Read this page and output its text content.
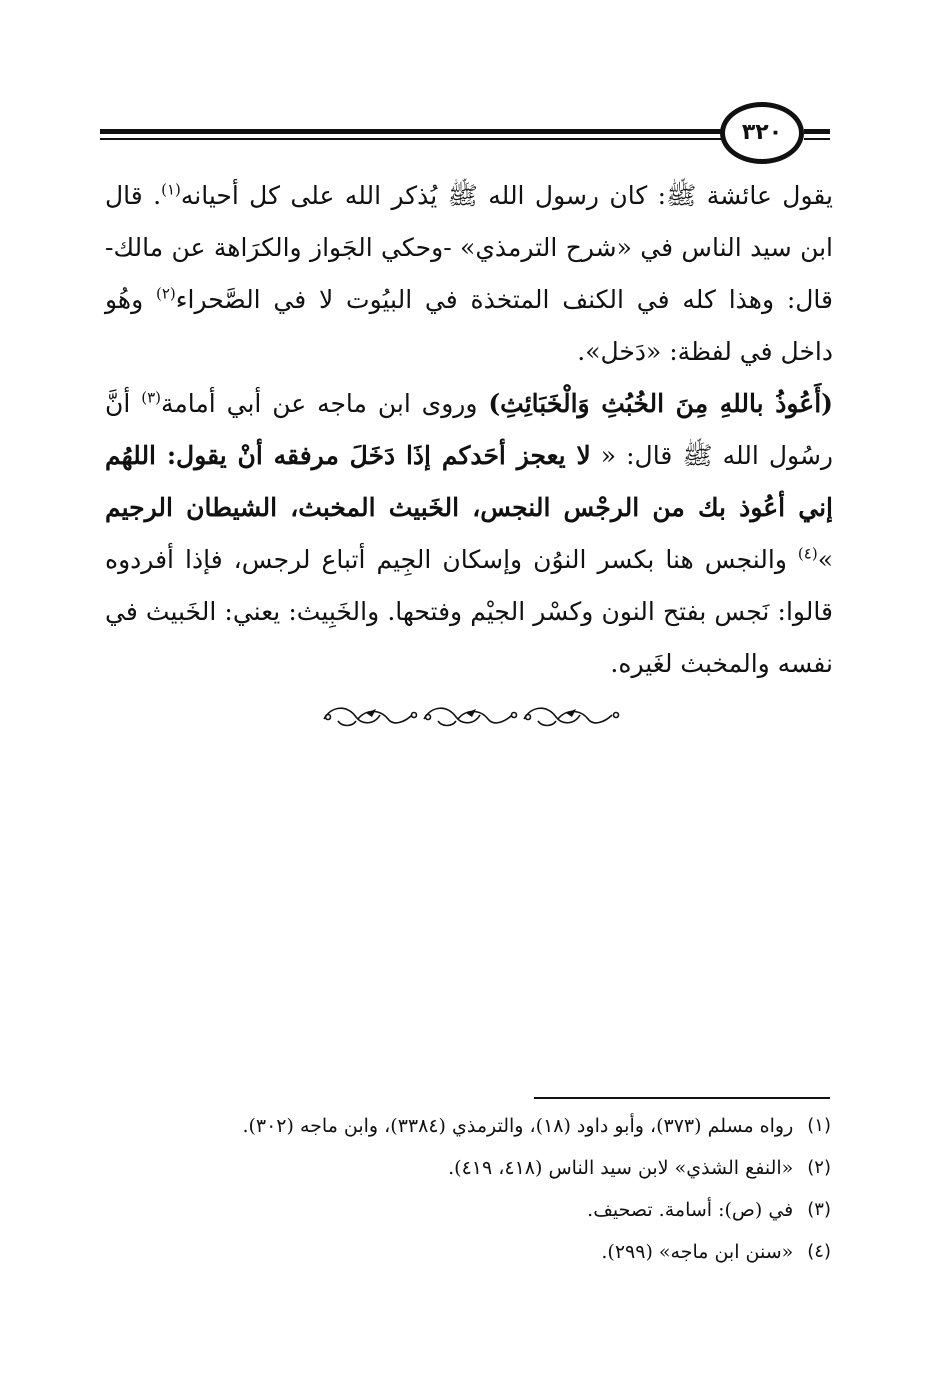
٣٢٠

يقول عائشة ﷺ: كان رسول الله ﷺ يُذكر الله على كل أحيانه$^{(١)}$. قال ابن سيد الناس في «شرح الترمذي» -وحكي الجَواز والكرَاهة عن مالك- قال: وهذا كله في الكنف المتخذة في البيُوت لا في الصَّحراء$^{(٢)}$ وهُو داخل في لفظة: «دَخل».

(أَعُوذُ باللهِ مِنَ الخُبُثِ وَالْخَبَائِثِ) وروى ابن ماجه عن أبي أمامة$^{(٣)}$ أنَّ رسُول الله ﷺ قال: « لا يعجز أحَدكم إذَا دَخَلَ مرفقه أنْ يقول: اللهُم إني أعُوذ بك من الرجْس النجس، الخَبيث المخبث، الشيطان الرجيم »$^{(٤)}$ والنجس هنا بكسر النوُن وإسكان الجِيم أتباع لرجس، فإذا أفردوه قالوا: نَجس بفتح النون وكسْر الجيْم وفتحها. والخَبِيث: يعني: الخَبيث في نفسه والمخبث لغَيره.

(١)
رواه مسلم (٣٧٣)، وأبو داود (١٨)، والترمذي (٣٣٨٤)، وابن ماجه (٣٠٢).
(٢)
«النفع الشذي» لابن سيد الناس (٤١٨، ٤١٩).
(٣)
في (ص): أسامة. تصحيف.
(٤)
«سنن ابن ماجه» (٢٩٩).
